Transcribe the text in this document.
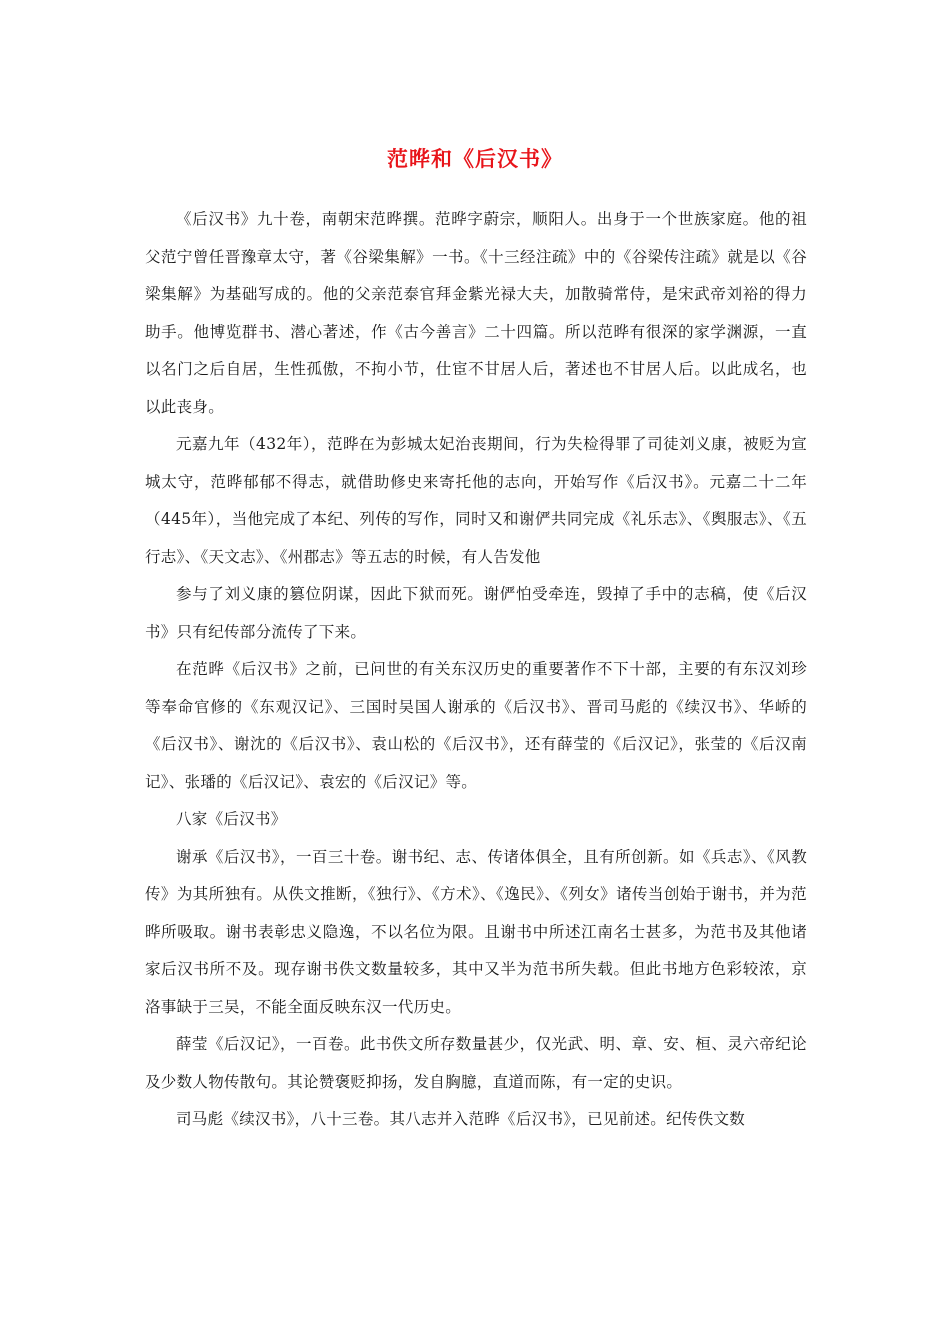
范晔和《后汉书》

《后汉书》九十卷，南朝宋范晔撰。范晔字蔚宗，顺阳人。出身于一个世族家庭。他的祖父范宁曾任晋豫章太守，著《谷梁集解》一书。《十三经注疏》中的《谷梁传注疏》就是以《谷梁集解》为基础写成的。他的父亲范泰官拜金紫光禄大夫，加散骑常侍，是宋武帝刘裕的得力助手。他博览群书、潜心著述，作《古今善言》二十四篇。所以范晔有很深的家学渊源，一直以名门之后自居，生性孤傲，不拘小节，仕宦不甘居人后，著述也不甘居人后。以此成名，也以此丧身。

元嘉九年（432年），范晔在为彭城太妃治丧期间，行为失检得罪了司徒刘义康，被贬为宣城太守，范晔郁郁不得志，就借助修史来寄托他的志向，开始写作《后汉书》。元嘉二十二年（445年），当他完成了本纪、列传的写作，同时又和谢俨共同完成《礼乐志》、《舆服志》、《五行志》、《天文志》、《州郡志》等五志的时候，有人告发他

参与了刘义康的篡位阴谋，因此下狱而死。谢俨怕受牵连，毁掉了手中的志稿，使《后汉书》只有纪传部分流传了下来。

在范晔《后汉书》之前，已问世的有关东汉历史的重要著作不下十部，主要的有东汉刘珍等奉命官修的《东观汉记》、三国时吴国人谢承的《后汉书》、晋司马彪的《续汉书》、华峤的《后汉书》、谢沈的《后汉书》、袁山松的《后汉书》，还有薛莹的《后汉记》，张莹的《后汉南记》、张璠的《后汉记》、袁宏的《后汉记》等。

八家《后汉书》

谢承《后汉书》，一百三十卷。谢书纪、志、传诸体俱全，且有所创新。如《兵志》、《风教传》为其所独有。从佚文推断，《独行》、《方术》、《逸民》、《列女》诸传当创始于谢书，并为范晔所吸取。谢书表彰忠义隐逸，不以名位为限。且谢书中所述江南名士甚多，为范书及其他诸家后汉书所不及。现存谢书佚文数量较多，其中又半为范书所失载。但此书地方色彩较浓，京洛事缺于三吴，不能全面反映东汉一代历史。

薛莹《后汉记》，一百卷。此书佚文所存数量甚少，仅光武、明、章、安、桓、灵六帝纪论及少数人物传散句。其论赞褒贬抑扬，发自胸臆，直道而陈，有一定的史识。

司马彪《续汉书》，八十三卷。其八志并入范晔《后汉书》，已见前述。纪传佚文数
